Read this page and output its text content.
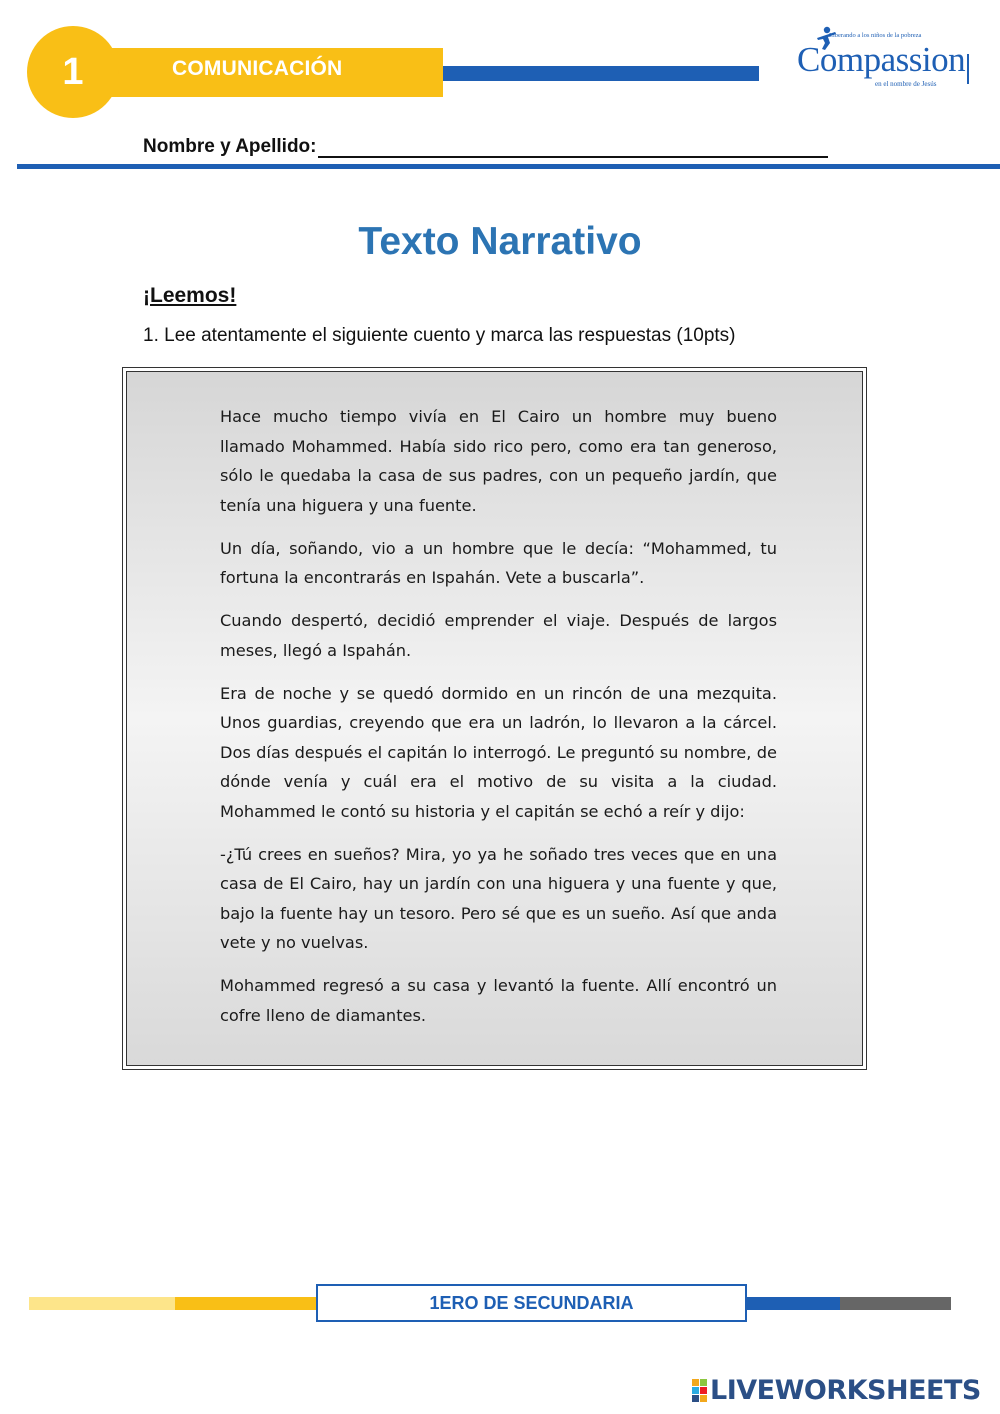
1	COMUNICACIÓN
Liberando a los niños de la pobreza
Compassion
en el nombre de Jesús
Nombre y Apellido:
Texto Narrativo
¡Leemos!
1. Lee atentamente el siguiente cuento y marca las respuestas (10pts)

Hace mucho tiempo vivía en El Cairo un hombre muy bueno llamado Mohammed. Había sido rico pero, como era tan generoso, sólo le quedaba la casa de sus padres, con un pequeño jardín, que tenía una higuera y una fuente.

Un día, soñando, vio a un hombre que le decía: “Mohammed, tu fortuna la encontrarás en Ispahán. Vete a buscarla”.

Cuando despertó, decidió emprender el viaje. Después de largos meses, llegó a Ispahán.

Era de noche y se quedó dormido en un rincón de una mezquita. Unos guardias, creyendo que era un ladrón, lo llevaron a la cárcel. Dos días después el capitán lo interrogó. Le preguntó su nombre, de dónde venía y cuál era el motivo de su visita a la ciudad. Mohammed le contó su historia y el capitán se echó a reír y dijo:

-¿Tú crees en sueños? Mira, yo ya he soñado tres veces que en una casa de El Cairo, hay un jardín con una higuera y una fuente y que, bajo la fuente hay un tesoro. Pero sé que es un sueño. Así que anda vete y no vuelvas.

Mohammed regresó a su casa y levantó la fuente. Allí encontró un cofre lleno de diamantes.

1ERO DE SECUNDARIA
LIVEWORKSHEETS
